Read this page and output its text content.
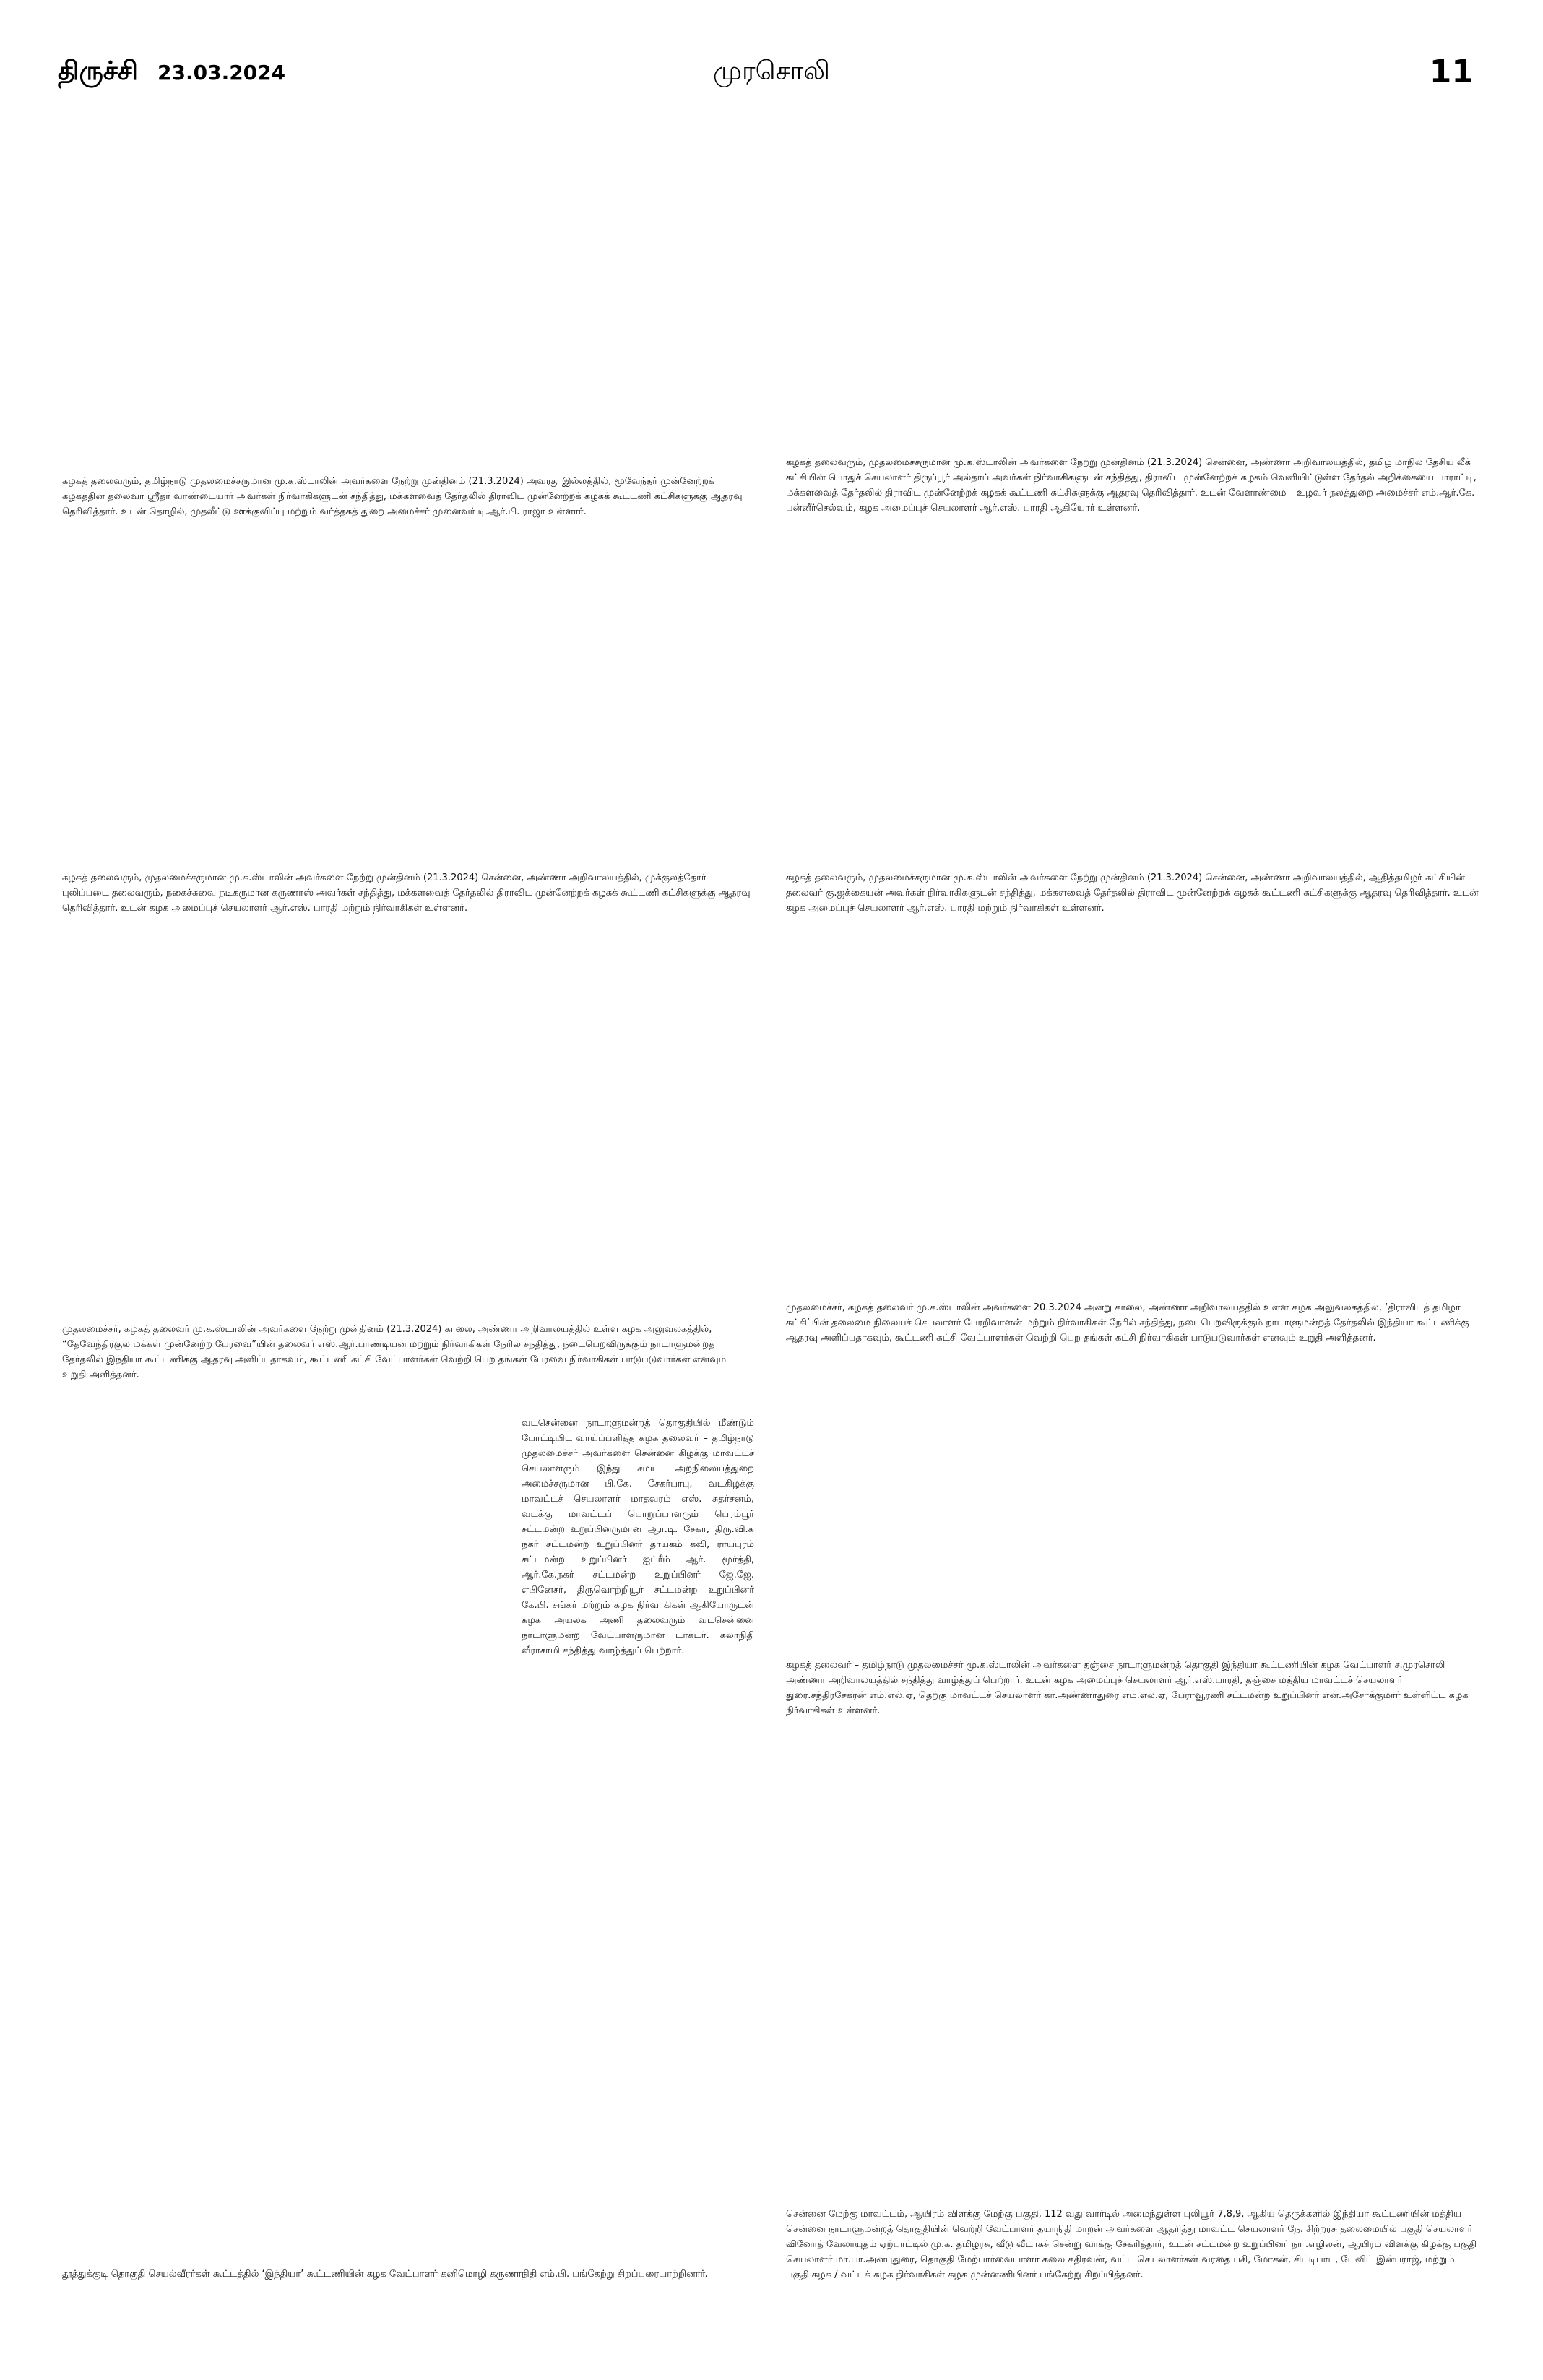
திருச்சி 23.03.2024	முரசொலி	11

கழகத் தலைவரும், தமிழ்நாடு முதலமைச்சருமான மு.க.ஸ்டாலின் அவர்களை நேற்று முன்தினம் (21.3.2024) அவரது இல்லத்தில், மூவேந்தர் முன்னேற்றக் கழகத்தின் தலைவர் ஸ்ரீதர் வாண்டையார் அவர்கள் நிர்வாகிகளுடன் சந்தித்து, மக்களவைத் தேர்தலில் திராவிட முன்னேற்றக் கழகக் கூட்டணி கட்சிகளுக்கு ஆதரவு தெரிவித்தார். உடன் தொழில், முதலீட்டு ஊக்குவிப்பு மற்றும் வர்த்தகத் துறை அமைச்சர் முனைவர் டி.ஆர்.பி. ராஜா உள்ளார்.

கழகத் தலைவரும், முதலமைச்சருமான மு.க.ஸ்டாலின் அவர்களை நேற்று முன்தினம் (21.3.2024) சென்னை, அண்ணா அறிவாலயத்தில், தமிழ் மாநில தேசிய லீக் கட்சியின் பொதுச் செயலாளர் திருப்பூர் அல்தாப் அவர்கள் நிர்வாகிகளுடன் சந்தித்து, திராவிட முன்னேற்றக் கழகம் வெளியிட்டுள்ள தேர்தல் அறிக்கையை பாராட்டி, மக்களவைத் தேர்தலில் திராவிட முன்னேற்றக் கழகக் கூட்டணி கட்சிகளுக்கு ஆதரவு தெரிவித்தார். உடன் வேளாண்மை – உழவர் நலத்துறை அமைச்சர் எம்.ஆர்.கே. பன்னீர்செல்வம், கழக அமைப்புச் செயலாளர் ஆர்.எஸ். பாரதி ஆகியோர் உள்ளனர்.

கழகத் தலைவரும், முதலமைச்சருமான மு.க.ஸ்டாலின் அவர்களை நேற்று முன்தினம் (21.3.2024) சென்னை, அண்ணா அறிவாலயத்தில், முக்குலத்தோர் புலிப்படை தலைவரும், நகைச்சுவை நடிகருமான கருணாஸ் அவர்கள் சந்தித்து, மக்களவைத் தேர்தலில் திராவிட முன்னேற்றக் கழகக் கூட்டணி கட்சிகளுக்கு ஆதரவு தெரிவித்தார். உடன் கழக அமைப்புச் செயலாளர் ஆர்.எஸ். பாரதி மற்றும் நிர்வாகிகள் உள்ளனர்.

கழகத் தலைவரும், முதலமைச்சருமான மு.க.ஸ்டாலின் அவர்களை நேற்று முன்தினம் (21.3.2024) சென்னை, அண்ணா அறிவாலயத்தில், ஆதித்தமிழர் கட்சியின் தலைவர் கு.ஜக்கையன் அவர்கள் நிர்வாகிகளுடன் சந்தித்து, மக்களவைத் தேர்தலில் திராவிட முன்னேற்றக் கழகக் கூட்டணி கட்சிகளுக்கு ஆதரவு தெரிவித்தார். உடன் கழக அமைப்புச் செயலாளர் ஆர்.எஸ். பாரதி மற்றும் நிர்வாகிகள் உள்ளனர்.

முதலமைச்சர், கழகத் தலைவர் மு.க.ஸ்டாலின் அவர்களை நேற்று முன்தினம் (21.3.2024) காலை, அண்ணா அறிவாலயத்தில் உள்ள கழக அலுவலகத்தில், “தேவேந்திரகுல மக்கள் முன்னேற்ற பேரவை”யின் தலைவர் எஸ்.ஆர்.பாண்டியன் மற்றும் நிர்வாகிகள் நேரில் சந்தித்து, நடைபெறவிருக்கும் நாடாளுமன்றத் தேர்தலில் இந்தியா கூட்டணிக்கு ஆதரவு அளிப்பதாகவும், கூட்டணி கட்சி வேட்பாளர்கள் வெற்றி பெற தங்கள் பேரவை நிர்வாகிகள் பாடுபடுவார்கள் எனவும் உறுதி அளித்தனர்.

முதலமைச்சர், கழகத் தலைவர் மு.க.ஸ்டாலின் அவர்களை 20.3.2024 அன்று காலை, அண்ணா அறிவாலயத்தில் உள்ள கழக அலுவலகத்தில், ‘திராவிடத் தமிழர் கட்சி’யின் தலைமை நிலையச் செயலாளர் பேரறிவாளன் மற்றும் நிர்வாகிகள் நேரில் சந்தித்து, நடைபெறவிருக்கும் நாடாளுமன்றத் தேர்தலில் இந்தியா கூட்டணிக்கு ஆதரவு அளிப்பதாகவும், கூட்டணி கட்சி வேட்பாளர்கள் வெற்றி பெற தங்கள் கட்சி நிர்வாகிகள் பாடுபடுவார்கள் எனவும் உறுதி அளித்தனர்.

வடசென்னை நாடாளுமன்றத் தொகுதியில் மீண்டும் போட்டியிட வாய்ப்பளித்த கழக தலைவர் – தமிழ்நாடு முதலமைச்சர் அவர்களை சென்னை கிழக்கு மாவட்டச் செயலாளரும் இந்து சமய அறநிலையத்துறை அமைச்சருமான பி.கே. சேகர்பாபு, வடகிழக்கு மாவட்டச் செயலாளர் மாதவரம் எஸ். சுதர்சனம், வடக்கு மாவட்டப் பொறுப்பாளரும் பெரம்பூர் சட்டமன்ற உறுப்பினருமான ஆர்.டி. சேகர், திரு.வி.க நகர் சட்டமன்ற உறுப்பினர் தாயகம் கவி, ராயபுரம் சட்டமன்ற உறுப்பினர் ஐட்ரீம் ஆர். மூர்த்தி, ஆர்.கே.நகர் சட்டமன்ற உறுப்பினர் ஜே.ஜே. எபினேசர், திருவொற்றியூர் சட்டமன்ற உறுப்பினர் கே.பி. சங்கர் மற்றும் கழக நிர்வாகிகள் ஆகியோருடன் கழக அயலக அணி தலைவரும் வடசென்னை நாடாளுமன்ற வேட்பாளருமான டாக்டர். கலாநிதி வீராசாமி சந்தித்து வாழ்த்துப் பெற்றார்.

கழகத் தலைவர் – தமிழ்நாடு முதலமைச்சர் மு.க.ஸ்டாலின் அவர்களை தஞ்சை நாடாளுமன்றத் தொகுதி இந்தியா கூட்டணியின் கழக வேட்பாளர் ச.முரசொலி அண்ணா அறிவாலயத்தில் சந்தித்து வாழ்த்துப் பெற்றார். உடன் கழக அமைப்புச் செயலாளர் ஆர்.எஸ்.பாரதி, தஞ்சை மத்திய மாவட்டச் செயலாளர் துரை.சந்திரசேகரன் எம்.எல்.ஏ, தெற்கு மாவட்டச் செயலாளர் கா.அண்ணாதுரை எம்.எல்.ஏ, பேராவூரணி சட்டமன்ற உறுப்பினர் என்.அசோக்குமார் உள்ளிட்ட கழக நிர்வாகிகள் உள்ளனர்.

தூத்துக்குடி தொகுதி செயல்வீரர்கள் கூட்டத்தில் ‘இந்தியா’ கூட்டணியின் கழக வேட்பாளர் கனிமொழி கருணாநிதி எம்.பி. பங்கேற்று சிறப்புரையாற்றினார்.

சென்னை மேற்கு மாவட்டம், ஆயிரம் விளக்கு மேற்கு பகுதி, 112 வது வார்டில் அமைந்துள்ள புலியூர் 7,8,9, ஆகிய தெருக்களில் இந்தியா கூட்டணியின் மத்திய சென்னை நாடாளுமன்றத் தொகுதியின் வெற்றி வேட்பாளர் தயாநிதி மாறன் அவர்களை ஆதரித்து மாவட்ட செயலாளர் நே. சிற்றரசு தலைமையில் பகுதி செயலாளர் வினோத் வேலாயுதம் ஏற்பாட்டில் மு.க. தமிழரசு, வீடு வீடாகச் சென்று வாக்கு சேகரித்தார், உடன் சட்டமன்ற உறுப்பினர் நா .எழிலன், ஆயிரம் விளக்கு கிழக்கு பகுதி செயலாளர் மா.பா.அன்புதுரை, தொகுதி மேற்பார்வையாளர் கலை கதிரவன், வட்ட செயலாளர்கள் வரதை பசி, மோகன், சிட்டிபாபு, டேவிட் இன்பராஜ், மற்றும் பகுதி கழக / வட்டக் கழக நிர்வாகிகள் கழக முன்னணியினர் பங்கேற்று சிறப்பித்தனர்.
